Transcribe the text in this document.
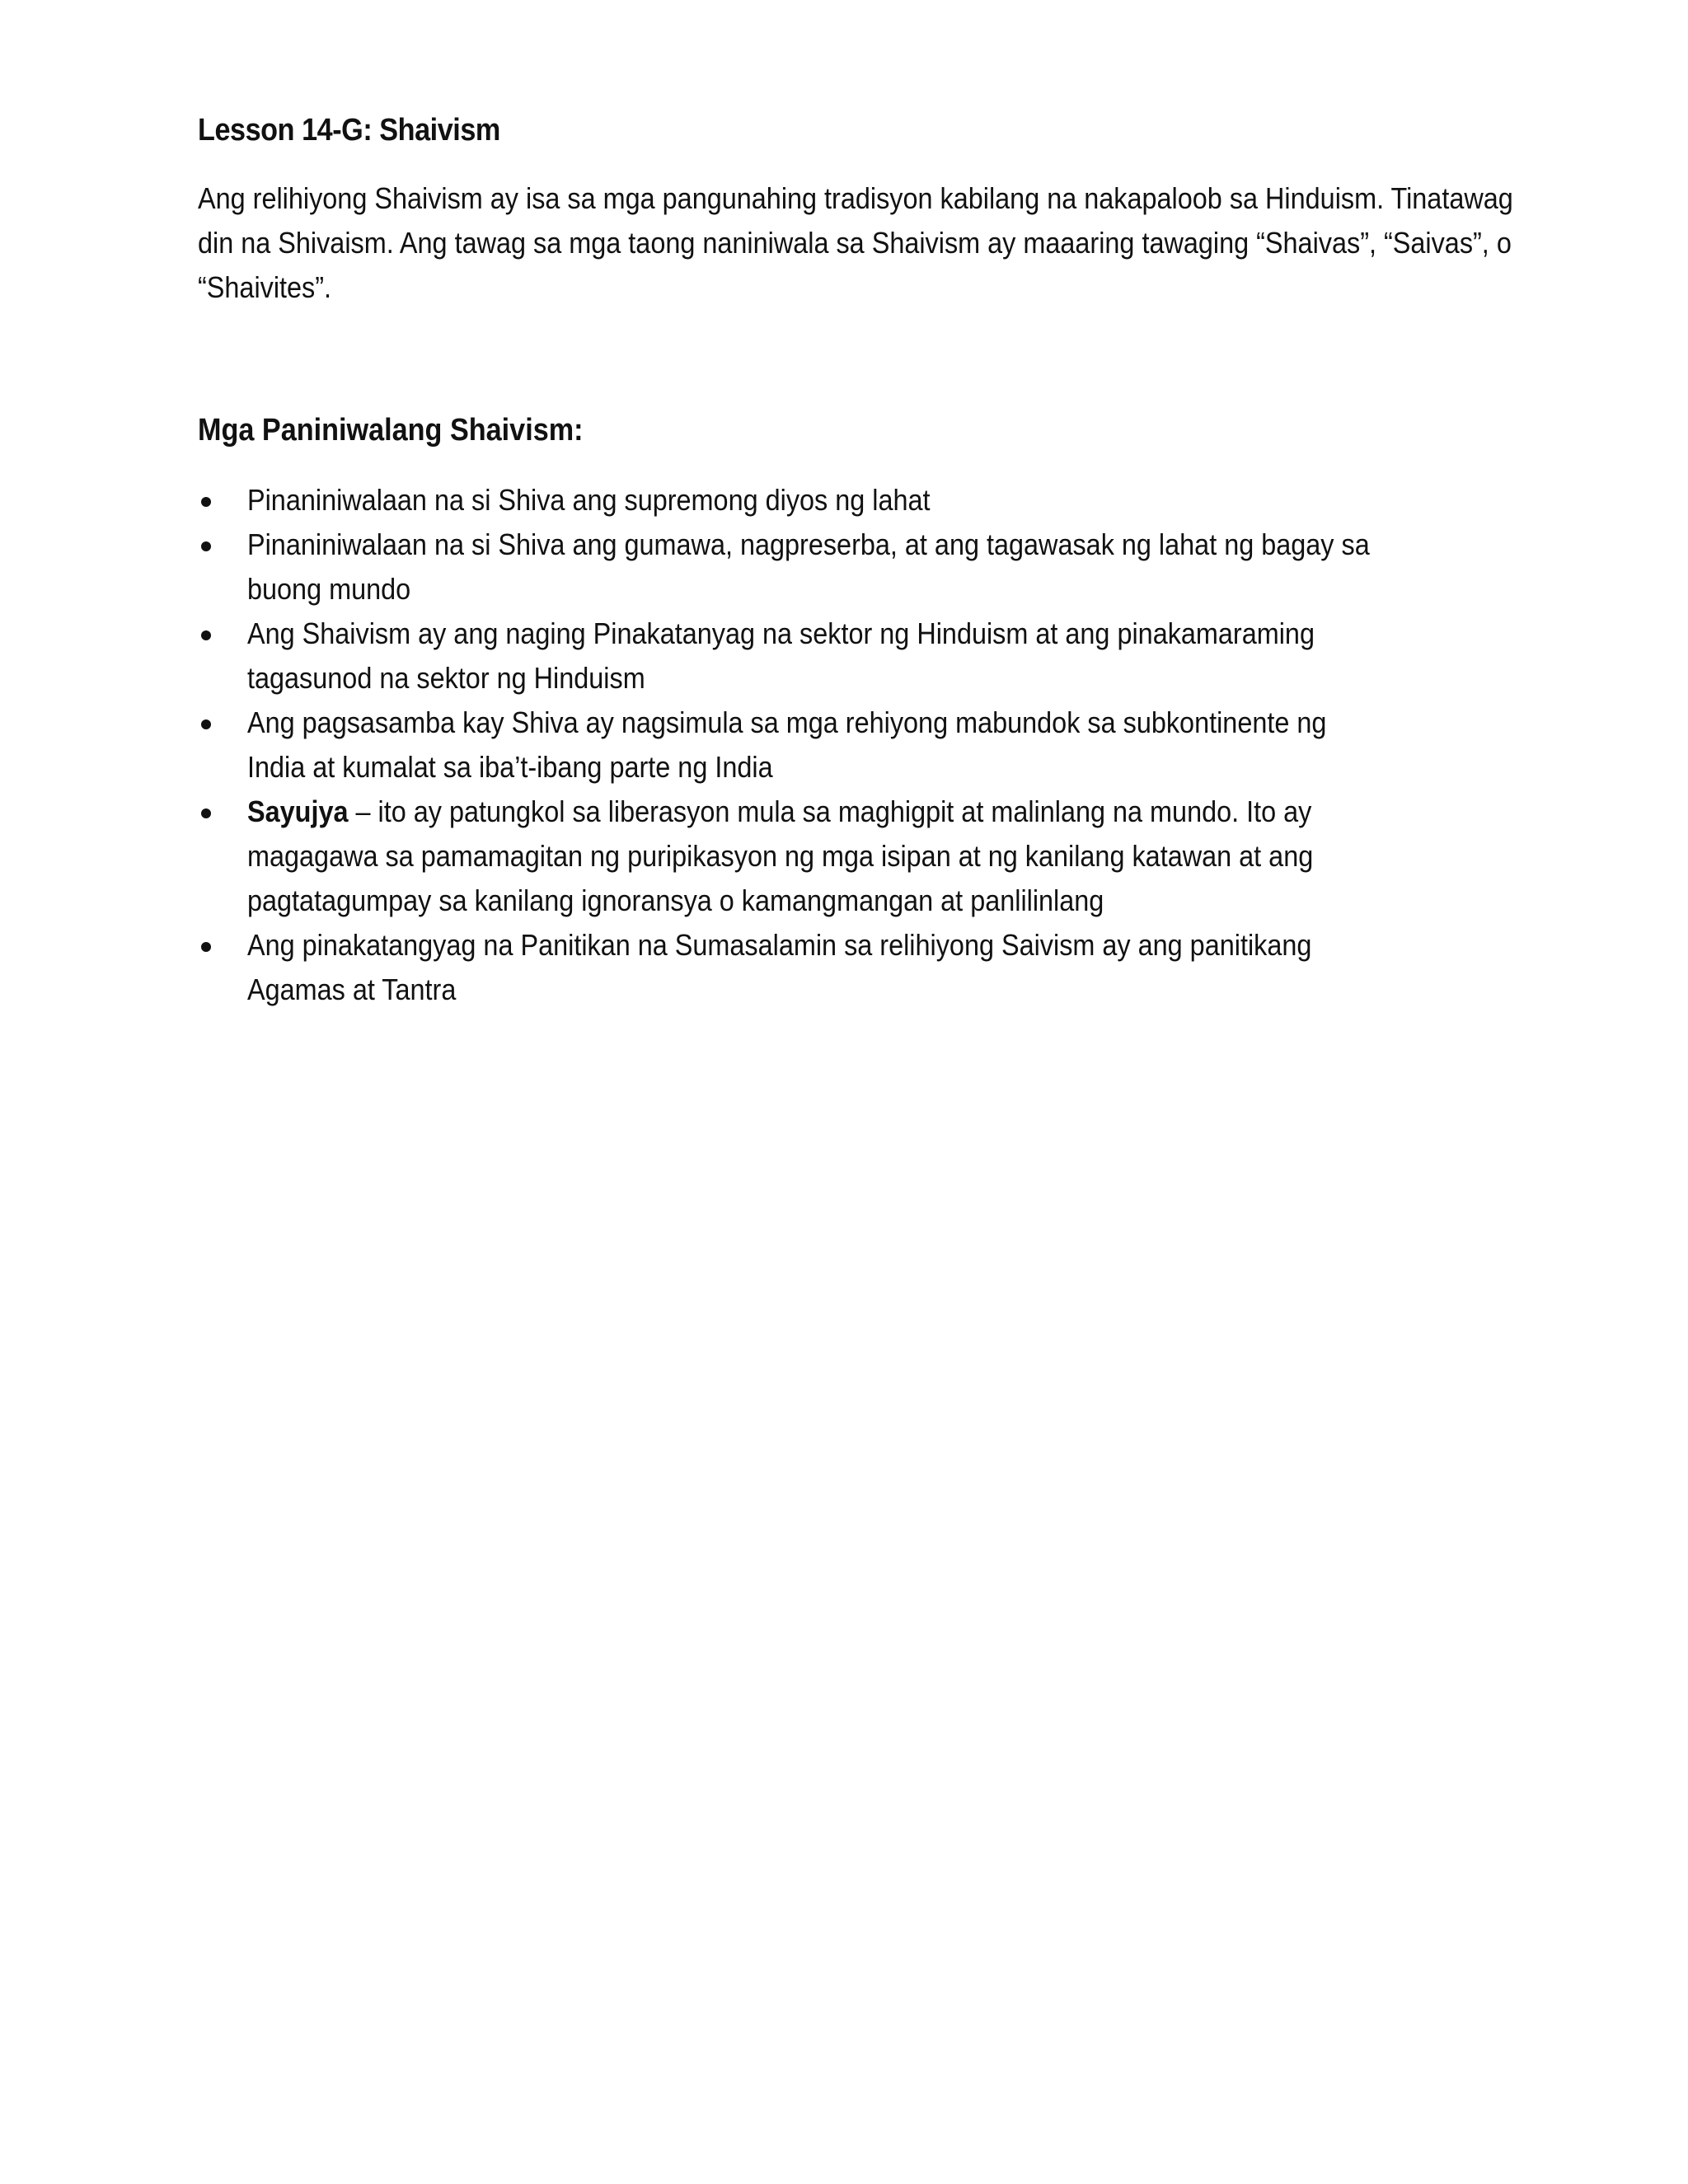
Lesson 14-G: Shaivism

Ang relihiyong Shaivism ay isa sa mga pangunahing tradisyon kabilang na nakapaloob sa Hinduism. Tinatawag din na Shivaism. Ang tawag sa mga taong naniniwala sa Shaivism ay maaaring tawaging “Shaivas”, “Saivas”, o “Shaivites”.

Mga Paniniwalang Shaivism:
Pinaniniwalaan na si Shiva ang supremong diyos ng lahat
Pinaniniwalaan na si Shiva ang gumawa, nagpreserba, at ang tagawasak ng lahat ng bagay sa buong mundo
Ang Shaivism ay ang naging Pinakatanyag na sektor ng Hinduism at ang pinakamaraming tagasunod na sektor ng Hinduism
Ang pagsasamba kay Shiva ay nagsimula sa mga rehiyong mabundok sa subkontinente ng India at kumalat sa iba’t-ibang parte ng India
Sayujya – ito ay patungkol sa liberasyon mula sa maghigpit at malinlang na mundo. Ito ay magagawa sa pamamagitan ng puripikasyon ng mga isipan at ng kanilang katawan at ang pagtatagumpay sa kanilang ignoransya o kamangmangan at panlilinlang
Ang pinakatangyag na Panitikan na Sumasalamin sa relihiyong Saivism ay ang panitikang Agamas at Tantra
